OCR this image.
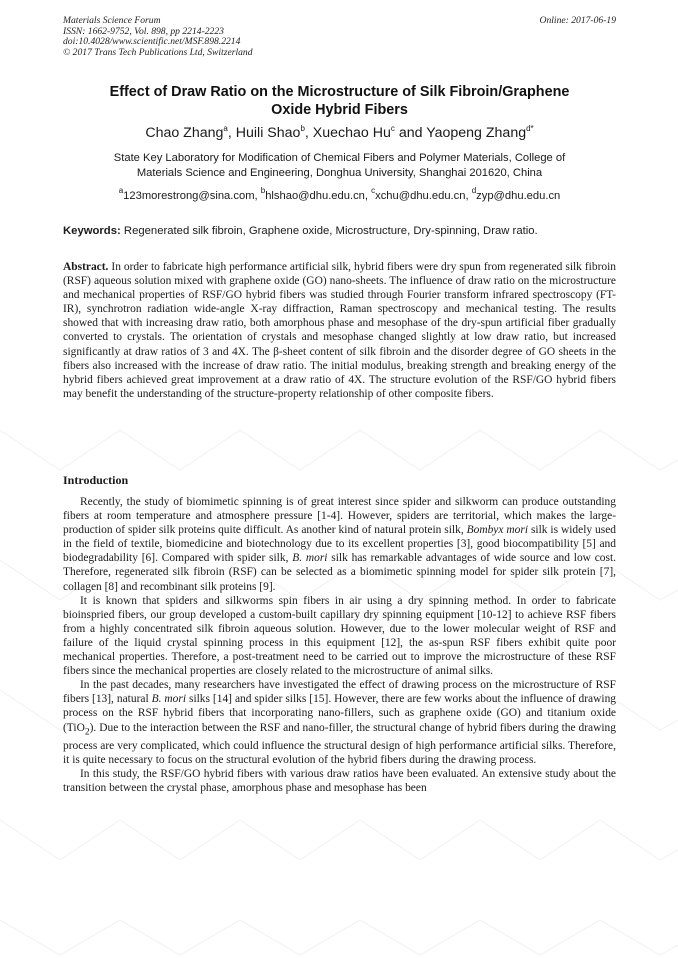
Materials Science Forum
ISSN: 1662-9752, Vol. 898, pp 2214-2223
doi:10.4028/www.scientific.net/MSF.898.2214
© 2017 Trans Tech Publications Ltd, Switzerland
Online: 2017-06-19
Effect of Draw Ratio on the Microstructure of Silk Fibroin/Graphene
Oxide Hybrid Fibers
Chao Zhang$^a$, Huili Shao$^b$, Xuechao Hu$^c$ and Yaopeng Zhang$^{d*}$
State Key Laboratory for Modification of Chemical Fibers and Polymer Materials, College of
Materials Science and Engineering, Donghua University, Shanghai 201620, China
$^a$123morestrong@sina.com, $^b$hlshao@dhu.edu.cn, $^c$xchu@dhu.edu.cn, $^d$zyp@dhu.edu.cn
Keywords: Regenerated silk fibroin, Graphene oxide, Microstructure, Dry-spinning, Draw ratio.

Abstract. In order to fabricate high performance artificial silk, hybrid fibers were dry spun from regenerated silk fibroin (RSF) aqueous solution mixed with graphene oxide (GO) nano-sheets. The influence of draw ratio on the microstructure and mechanical properties of RSF/GO hybrid fibers was studied through Fourier transform infrared spectroscopy (FT-IR), synchrotron radiation wide-angle X-ray diffraction, Raman spectroscopy and mechanical testing. The results showed that with increasing draw ratio, both amorphous phase and mesophase of the dry-spun artificial fiber gradually converted to crystals. The orientation of crystals and mesophase changed slightly at low draw ratio, but increased significantly at draw ratios of 3 and 4X. The β-sheet content of silk fibroin and the disorder degree of GO sheets in the fibers also increased with the increase of draw ratio. The initial modulus, breaking strength and breaking energy of the hybrid fibers achieved great improvement at a draw ratio of 4X. The structure evolution of the RSF/GO hybrid fibers may benefit the understanding of the structure-property relationship of other composite fibers.

Introduction

Recently, the study of biomimetic spinning is of great interest since spider and silkworm can produce outstanding fibers at room temperature and atmosphere pressure [1-4]. However, spiders are territorial, which makes the large-production of spider silk proteins quite difficult. As another kind of natural protein silk, Bombyx mori silk is widely used in the field of textile, biomedicine and biotechnology due to its excellent properties [3], good biocompatibility [5] and biodegradability [6]. Compared with spider silk, B. mori silk has remarkable advantages of wide source and low cost. Therefore, regenerated silk fibroin (RSF) can be selected as a biomimetic spinning model for spider silk protein [7], collagen [8] and recombinant silk proteins [9].

It is known that spiders and silkworms spin fibers in air using a dry spinning method. In order to fabricate bioinspried fibers, our group developed a custom-built capillary dry spinning equipment [10-12] to achieve RSF fibers from a highly concentrated silk fibroin aqueous solution. However, due to the lower molecular weight of RSF and failure of the liquid crystal spinning process in this equipment [12], the as-spun RSF fibers exhibit quite poor mechanical properties. Therefore, a post-treatment need to be carried out to improve the microstructure of these RSF fibers since the mechanical properties are closely related to the microstructure of animal silks.

In the past decades, many researchers have investigated the effect of drawing process on the microstructure of RSF fibers [13], natural B. mori silks [14] and spider silks [15]. However, there are few works about the influence of drawing process on the RSF hybrid fibers that incorporating nano-fillers, such as graphene oxide (GO) and titanium oxide (TiO$_2$). Due to the interaction between the RSF and nano-filler, the structural change of hybrid fibers during the drawing process are very complicated, which could influence the structural design of high performance artificial silks. Therefore, it is quite necessary to focus on the structural evolution of the hybrid fibers during the drawing process.

In this study, the RSF/GO hybrid fibers with various draw ratios have been evaluated. An extensive study about the transition between the crystal phase, amorphous phase and mesophase has been
